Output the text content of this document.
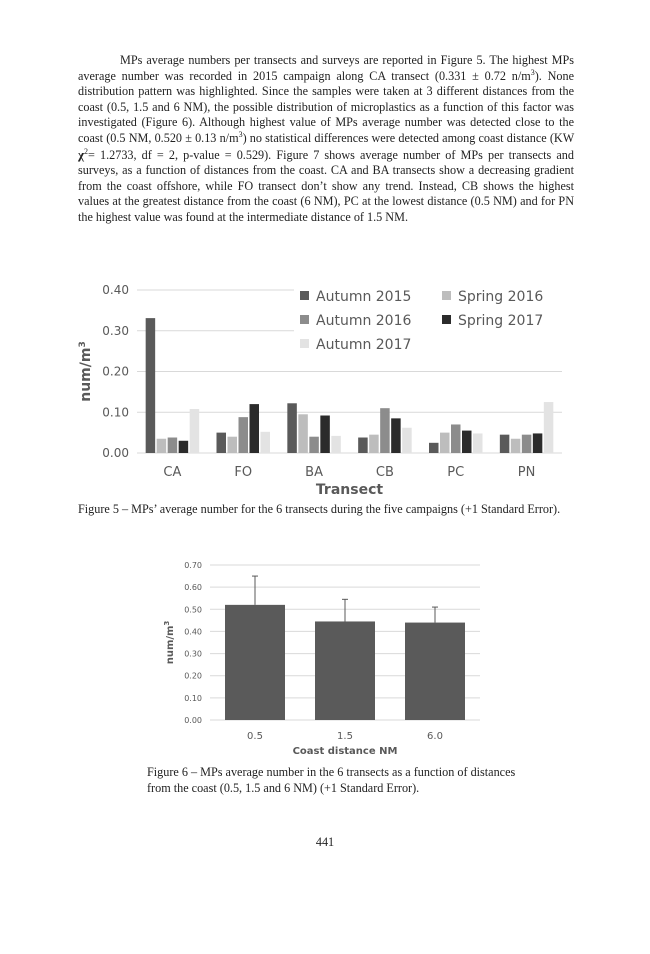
MPs average numbers per transects and surveys are reported in Figure 5. The highest MPs average number was recorded in 2015 campaign along CA transect (0.331 ± 0.72 $n/m^3$). None distribution pattern was highlighted. Since the samples were taken at 3 different distances from the coast (0.5, 1.5 and 6 NM), the possible distribution of microplastics as a function of this factor was investigated (Figure 6). Although highest value of MPs average number was detected close to the coast (0.5 NM, 0.520 ± 0.13 $n/m^3$) no statistical differences were detected among coast distance (KW $\chi^2= 1.2733$, df = 2, p-value = 0.529). Figure 7 shows average number of MPs per transects and surveys, as a function of distances from the coast. CA and BA transects show a decreasing gradient from the coast offshore, while FO transect don’t show any trend. Instead, CB shows the highest values at the greatest distance from the coast (6 NM), PC at the lowest distance (0.5 NM) and for PN the highest value was found at the intermediate distance of 1.5 NM.

0.00
0.10
0.20
0.30
0.40
CA	FO	BA	CB	PC	PN
Transect
num/$m^3$
Autumn 2015	Spring 2016
Autumn 2016	Spring 2017
Autumn 2017

Figure 5 – MPs’ average number for the 6 transects during the five campaigns (+1 Standard Error).

0.00
0.10
0.20
0.30
0.40
0.50
0.60
0.70
0.5	1.5	6.0
Coast distance NM
num/$m^3$

Figure 6 – MPs average number in the 6 transects as a function of distances from the coast (0.5, 1.5 and 6 NM) (+1 Standard Error).

441
